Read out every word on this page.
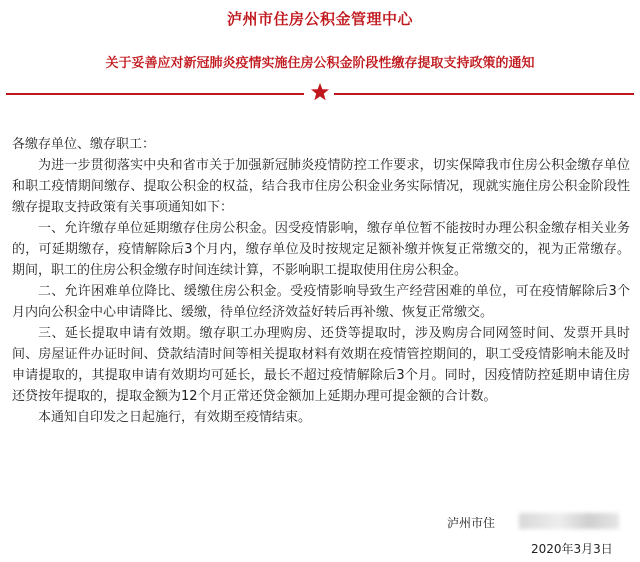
泸州市住房公积金管理中心
关于妥善应对新冠肺炎疫情实施住房公积金阶段性缴存提取支持政策的通知

各缴存单位、缴存职工：

为进一步贯彻落实中央和省市关于加强新冠肺炎疫情防控工作要求，切实保障我市住房公积金缴存单位和职工疫情期间缴存、提取公积金的权益，结合我市住房公积金业务实际情况，现就实施住房公积金阶段性缴存提取支持政策有关事项通知如下：

一、允许缴存单位延期缴存住房公积金。因受疫情影响，缴存单位暂不能按时办理公积金缴存相关业务的，可延期缴存，疫情解除后3个月内，缴存单位及时按规定足额补缴并恢复正常缴交的，视为正常缴存。期间，职工的住房公积金缴存时间连续计算，不影响职工提取使用住房公积金。

二、允许困难单位降比、缓缴住房公积金。受疫情影响导致生产经营困难的单位，可在疫情解除后3个月内向公积金中心申请降比、缓缴，待单位经济效益好转后再补缴、恢复正常缴交。

三、延长提取申请有效期。缴存职工办理购房、还贷等提取时，涉及购房合同网签时间、发票开具时间、房屋证件办证时间、贷款结清时间等相关提取材料有效期在疫情管控期间的，职工受疫情影响未能及时申请提取的，其提取申请有效期均可延长，最长不超过疫情解除后3个月。同时，因疫情防控延期申请住房还贷按年提取的，提取金额为12个月正常还贷金额加上延期办理可提金额的合计数。

本通知自印发之日起施行，有效期至疫情结束。

泸州市住
2020年3月3日
